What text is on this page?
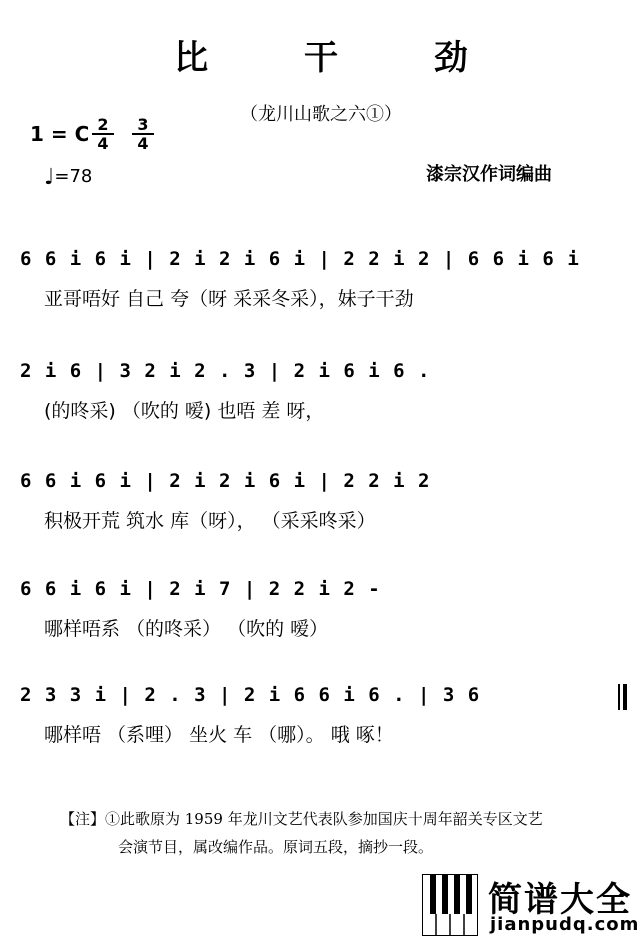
比	干	劲
（龙川山歌之六①）
1 = C $\frac{2}{4} \frac{3}{4}$
♩=78	漆宗汉作词编曲
6 6 i 6 i | 2 i 2 i 6 i | 2 2 i 2 | 6 6 i 6 i
亚哥唔好 自己 夸（呀 采采冬采），妹子干劲
2 i 6 | 3 2 i 2 . 3 | 2 i 6 i 6 .
(的咚采) （吹的 嗳) 也唔 差 呀，
6 6 i 6 i | 2 i 2 i 6 i | 2 2 i 2
积极开荒 筑水 库（呀）， （采采咚采）
6 6 i 6 i | 2 i 7 | 2 2 i 2 -
哪样唔系 （的咚采） （吹的 嗳）
2 3 3 i | 2 . 3 | 2 i 6 6 i 6 . | 3 6
哪样唔 （系哩） 坐火 车 （哪）。 哦 啄！
【注】①此歌原为 1959 年龙川文艺代表队参加国庆十周年韶关专区文艺
会演节目，属改编作品。原词五段，摘抄一段。
简谱大全
jianpudq.com
